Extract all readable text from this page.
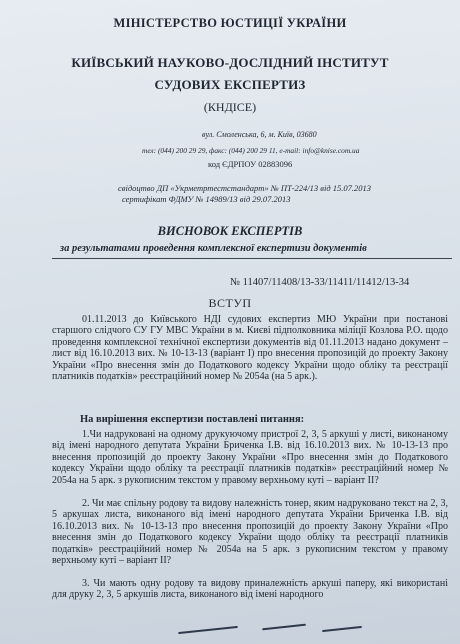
МІНІСТЕРСТВО ЮСТИЦІЇ УКРАЇНИ
КИЇВСЬКИЙ НАУКОВО-ДОСЛІДНИЙ ІНСТИТУТ
СУДОВИХ ЕКСПЕРТИЗ
(КНДІСЕ)
вул. Смоленська, 6, м. Київ, 03680
тел: (044) 200 29 29, факс: (044) 200 29 11, e-mail: info@knise.com.ua
код ЄДРПОУ 02883096
свідоцтво ДП «Укрметртестстандарт» № ПТ-224/13 від 15.07.2013
сертифікат ФДМУ № 14989/13 від 29.07.2013
ВИСНОВОК ЕКСПЕРТІВ
за результатами проведення комплексної експертизи документів
№ 11407/11408/13-33/11411/11412/13-34
ВСТУП
01.11.2013 до Київського НДІ судових експертиз МЮ України при постанові старшого слідчого СУ ГУ МВС України в м. Києві підполковника міліції Козлова Р.О. щодо проведення комплексної технічної експертизи документів від 01.11.2013 надано документ – лист від 16.10.2013 вих. № 10-13-13 (варіант I) про внесення пропозицій до проекту Закону України «Про внесення змін до Податкового кодексу України щодо обліку та реєстрації платників податків» реєстраційний номер № 2054а (на 5 арк.).
На вирішення експертизи поставлені питання:
1.Чи надруковані на одному друкуючому пристрої 2, 3, 5 аркуші у листі, виконаному від імені народного депутата України Бриченка І.В. від 16.10.2013 вих. № 10-13-13 про внесення пропозицій до проекту Закону України «Про внесення змін до Податкового кодексу України щодо обліку та реєстрації платників податків» реєстраційний номер № 2054а на 5 арк. з рукописним текстом у правому верхньому куті – варіант ІІ?
2. Чи має спільну родову та видову належність тонер, яким надруковано текст на 2, 3, 5 аркушах листа, виконаного від імені народного депутата України Бриченка І.В. від 16.10.2013 вих. № 10-13-13 про внесення пропозицій до проекту Закону України «Про внесення змін до Податкового кодексу України щодо обліку та реєстрації платників податків» реєстраційний номер № 2054а на 5 арк. з рукописним текстом у правому верхньому куті – варіант ІІ?
3. Чи мають одну родову та видову приналежність аркуші паперу, які використані для друку 2, 3, 5 аркушів листа, виконаного від імені народного
